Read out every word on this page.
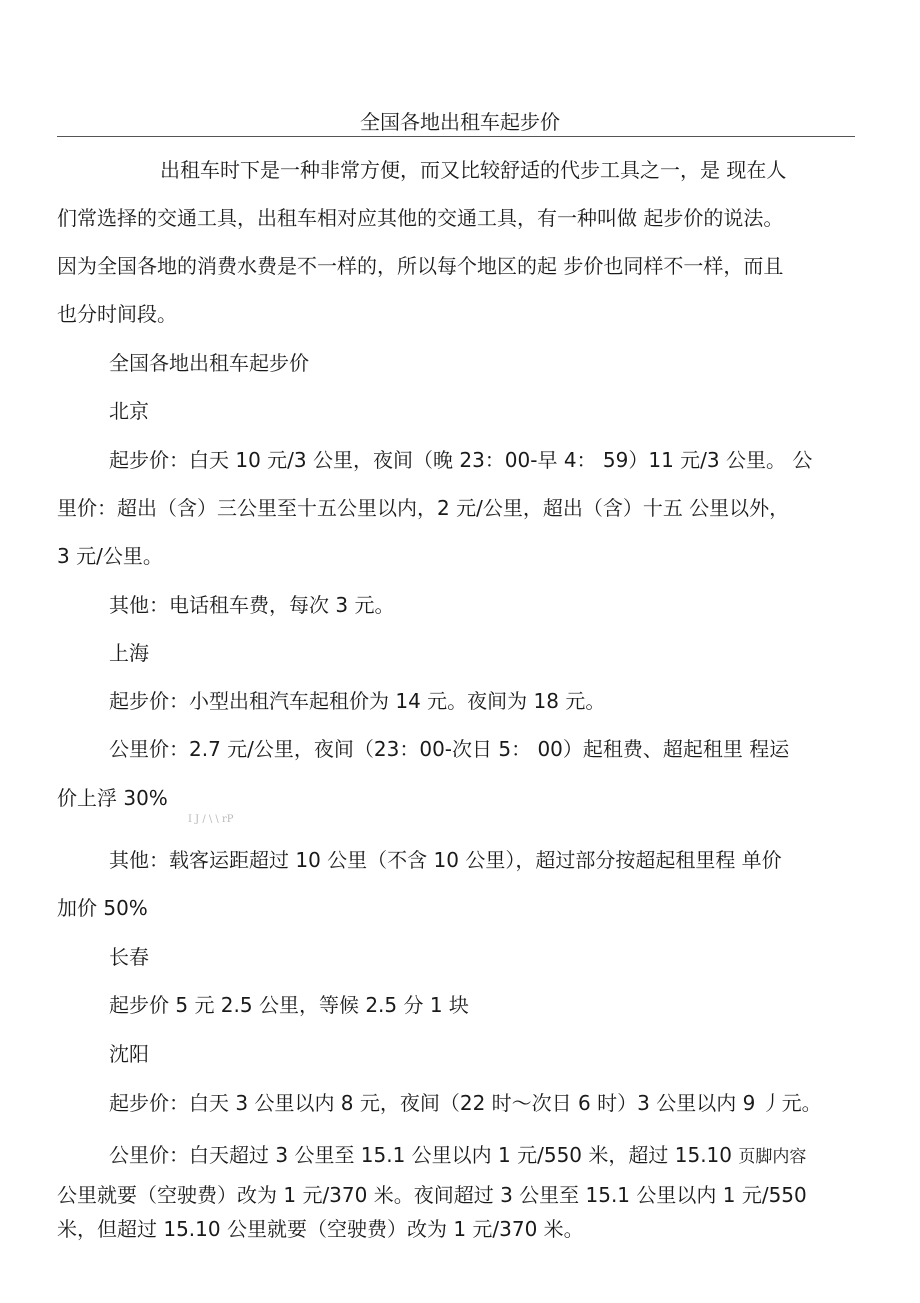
全国各地出租车起步价
出租车时下是一种非常方便，而又比较舒适的代步工具之一，是 现在人
们常选择的交通工具，出租车相对应其他的交通工具，有一种叫做 起步价的说法。
因为全国各地的消费水费是不一样的，所以每个地区的起 步价也同样不一样，而且
也分时间段。
全国各地出租车起步价
北京
起步价：白天 10 元/3 公里，夜间（晚 23：00-早 4： 59）11 元/3 公里。 公
里价：超出（含）三公里至十五公里以内，2 元/公里，超出（含）十五 公里以外，
3 元/公里。
其他：电话租车费，每次 3 元。
上海
起步价：小型出租汽车起租价为 14 元。夜间为 18 元。
公里价：2.7 元/公里，夜间（23：00-次日 5： 00）起租费、超起租里 程运
价上浮 30%
I J / \ \ rP
其他：载客运距超过 10 公里（不含 10 公里），超过部分按超起租里程 单价
加价 50%
长春
起步价 5 元 2.5 公里，等候 2.5 分 1 块
沈阳
起步价：白天 3 公里以内 8 元，夜间（22 时～次日 6 时）3 公里以内 9 丿元。
公里价：白天超过 3 公里至 15.1 公里以内 1 元/550 米，超过 15.10 页脚内容
公里就要（空驶费）改为 1 元/370 米。夜间超过 3 公里至 15.1 公里以内 1 元/550
米，但超过 15.10 公里就要（空驶费）改为 1 元/370 米。
